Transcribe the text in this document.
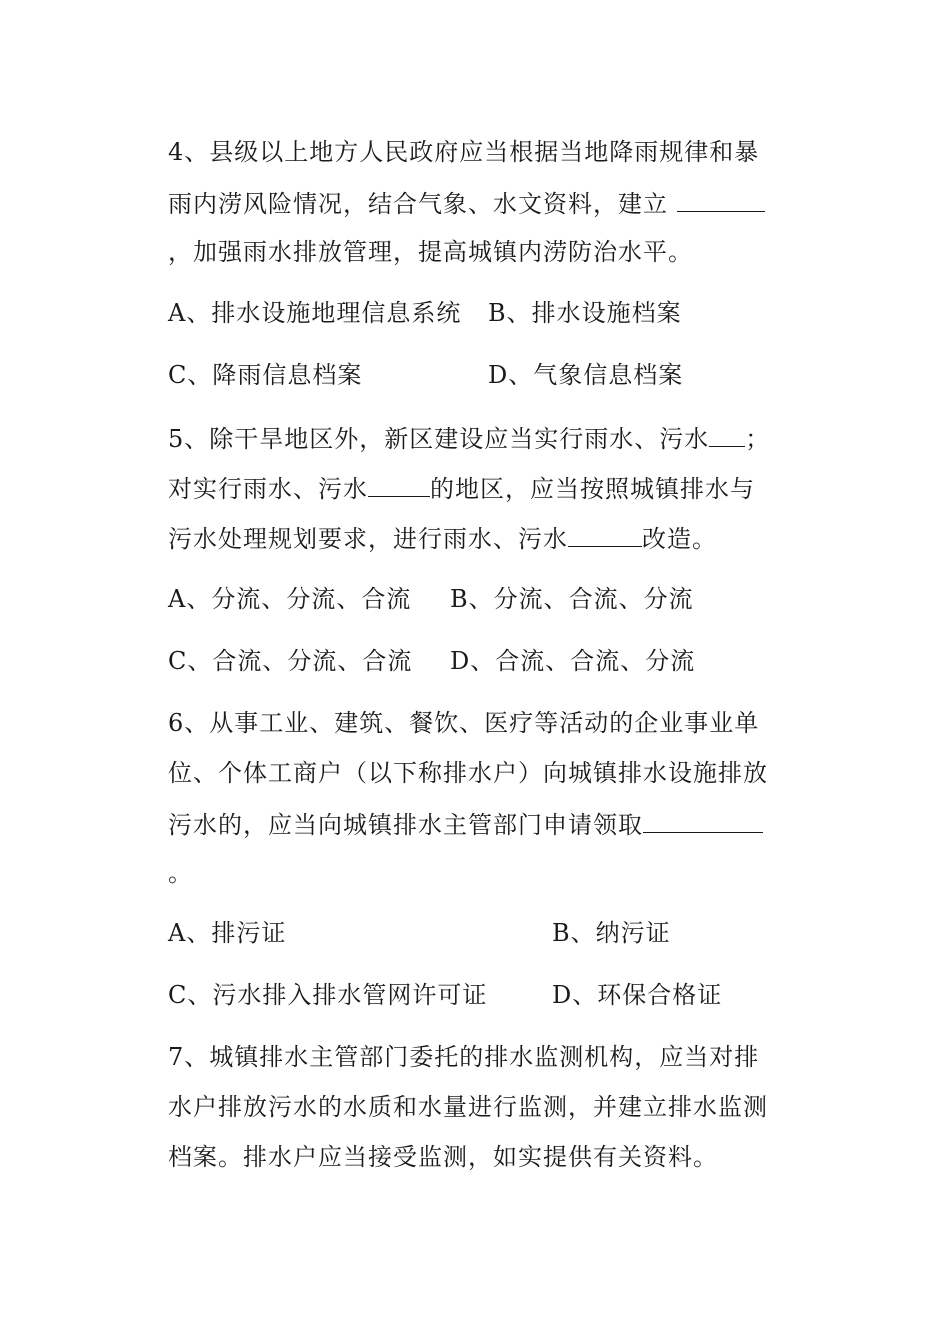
4、县级以上地方人民政府应当根据当地降雨规律和暴
雨内涝风险情况，结合气象、水文资料，建立
，加强雨水排放管理，提高城镇内涝防治水平。
A、排水设施地理信息系统 B、排水设施档案
C、降雨信息档案	D、气象信息档案
5、除干旱地区外，新区建设应当实行雨水、污水 ；
对实行雨水、污水	的地区，应当按照城镇排水与
污水处理规划要求，进行雨水、污水	改造。
A、分流、分流、合流 B、分流、合流、分流
C、合流、分流、合流 D、合流、合流、分流
6、从事工业、建筑、餐饮、医疗等活动的企业事业单
位、个体工商户（以下称排水户）向城镇排水设施排放
污水的，应当向城镇排水主管部门申请领取
。
A、排污证	B、纳污证
C、污水排入排水管网许可证	D、环保合格证
7、城镇排水主管部门委托的排水监测机构，应当对排
水户排放污水的水质和水量进行监测，并建立排水监测
档案。排水户应当接受监测，如实提供有关资料。
